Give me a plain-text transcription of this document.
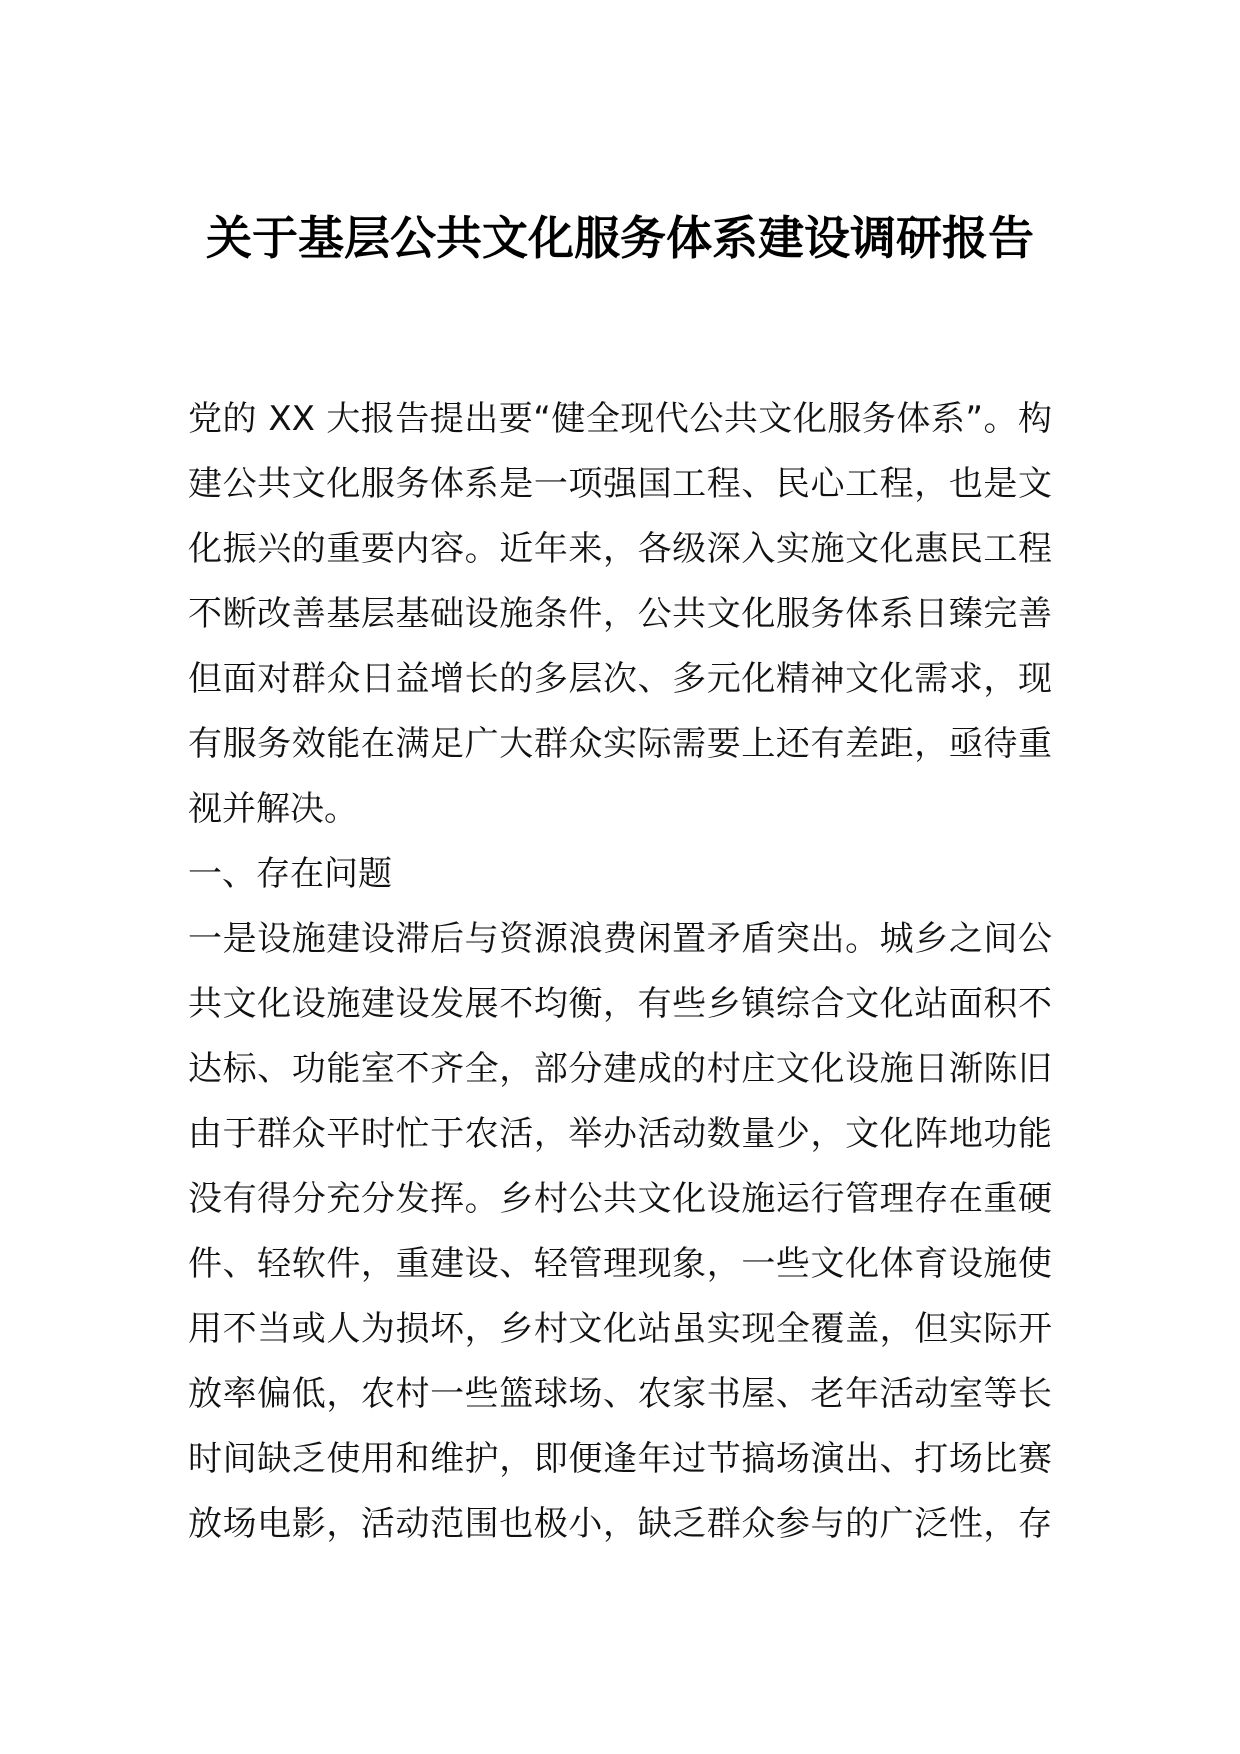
关于基层公共文化服务体系建设调研报告
党的 XX 大报告提出要“健全现代公共文化服务体系”。构
建公共文化服务体系是一项强国工程、民心工程，也是文
化振兴的重要内容。近年来，各级深入实施文化惠民工程
不断改善基层基础设施条件，公共文化服务体系日臻完善
但面对群众日益增长的多层次、多元化精神文化需求，现
有服务效能在满足广大群众实际需要上还有差距，亟待重
视并解决。
一、存在问题
一是设施建设滞后与资源浪费闲置矛盾突出。城乡之间公
共文化设施建设发展不均衡，有些乡镇综合文化站面积不
达标、功能室不齐全，部分建成的村庄文化设施日渐陈旧
由于群众平时忙于农活，举办活动数量少，文化阵地功能
没有得分充分发挥。乡村公共文化设施运行管理存在重硬
件、轻软件，重建设、轻管理现象，一些文化体育设施使
用不当或人为损坏，乡村文化站虽实现全覆盖，但实际开
放率偏低，农村一些篮球场、农家书屋、老年活动室等长
时间缺乏使用和维护，即便逢年过节搞场演出、打场比赛
放场电影，活动范围也极小，缺乏群众参与的广泛性，存
